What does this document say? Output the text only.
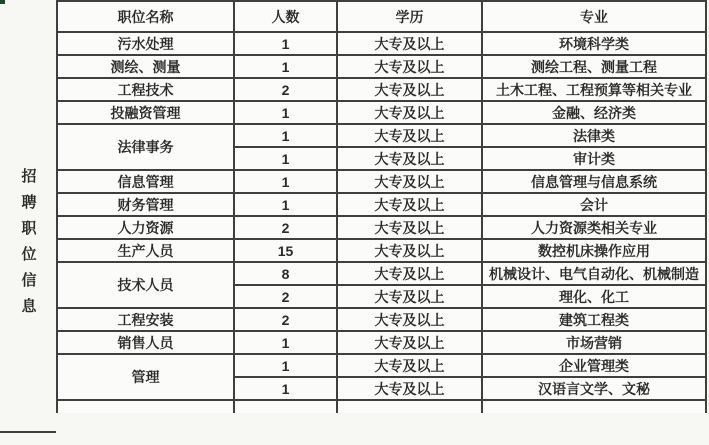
招聘职位信息
职位名称	人数	学历	专业
污水处理	1	大专及以上	环境科学类
测绘、测量	1	大专及以上	测绘工程、测量工程
工程技术	2	大专及以上	土木工程、工程预算等相关专业
投融资管理	1	大专及以上	金融、经济类
法律事务	1	大专及以上	法律类
	1	大专及以上	审计类
信息管理	1	大专及以上	信息管理与信息系统
财务管理	1	大专及以上	会计
人力资源	2	大专及以上	人力资源类相关专业
生产人员	15	大专及以上	数控机床操作应用
技术人员	8	大专及以上	机械设计、电气自动化、机械制造
	2	大专及以上	理化、化工
工程安装	2	大专及以上	建筑工程类
销售人员	1	大专及以上	市场营销
管理	1	大专及以上	企业管理类
	1	大专及以上	汉语言文学、文秘
